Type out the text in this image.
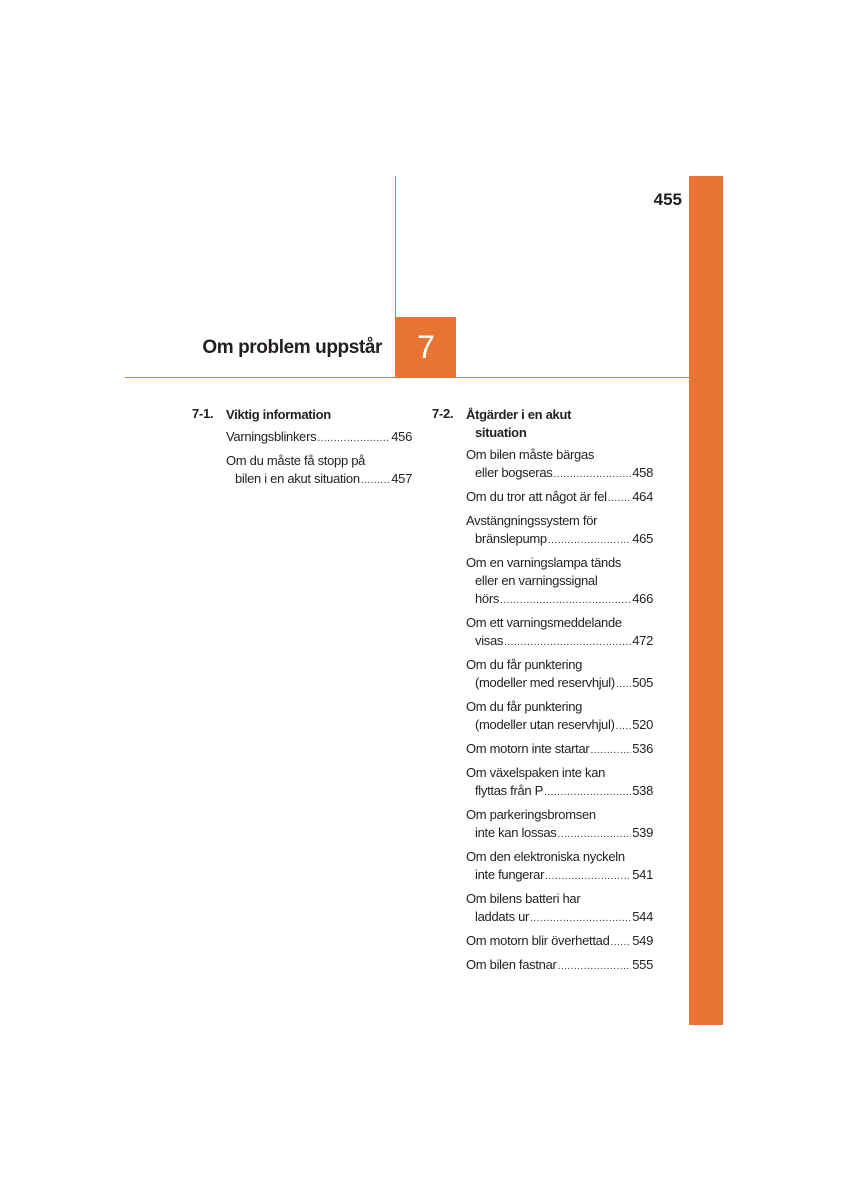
455
Om problem uppstår 7
7-1. Viktig information
Varningsblinkers .....	456
Om du måste få stopp på
bilen i en akut situation ..... 457
7-2. Åtgärder i en akut
situation
Om bilen måste bärgas
eller bogseras .....	458
Om du tror att något är fel ..... 464
Avstängningssystem för
bränslepump .....	465
Om en varningslampa tänds
eller en varningssignal
hörs .....	466
Om ett varningsmeddelande
visas .....	472
Om du får punktering
(modeller med reservhjul) ..... 505
Om du får punktering
(modeller utan reservhjul) ..... 520
Om motorn inte startar .....	536
Om växelspaken inte kan
flyttas från P .....	538
Om parkeringsbromsen
inte kan lossas .....	539
Om den elektroniska nyckeln
inte fungerar .....	541
Om bilens batteri har
laddats ur .....	544
Om motorn blir överhettad ..... 549
Om bilen fastnar .....	555
